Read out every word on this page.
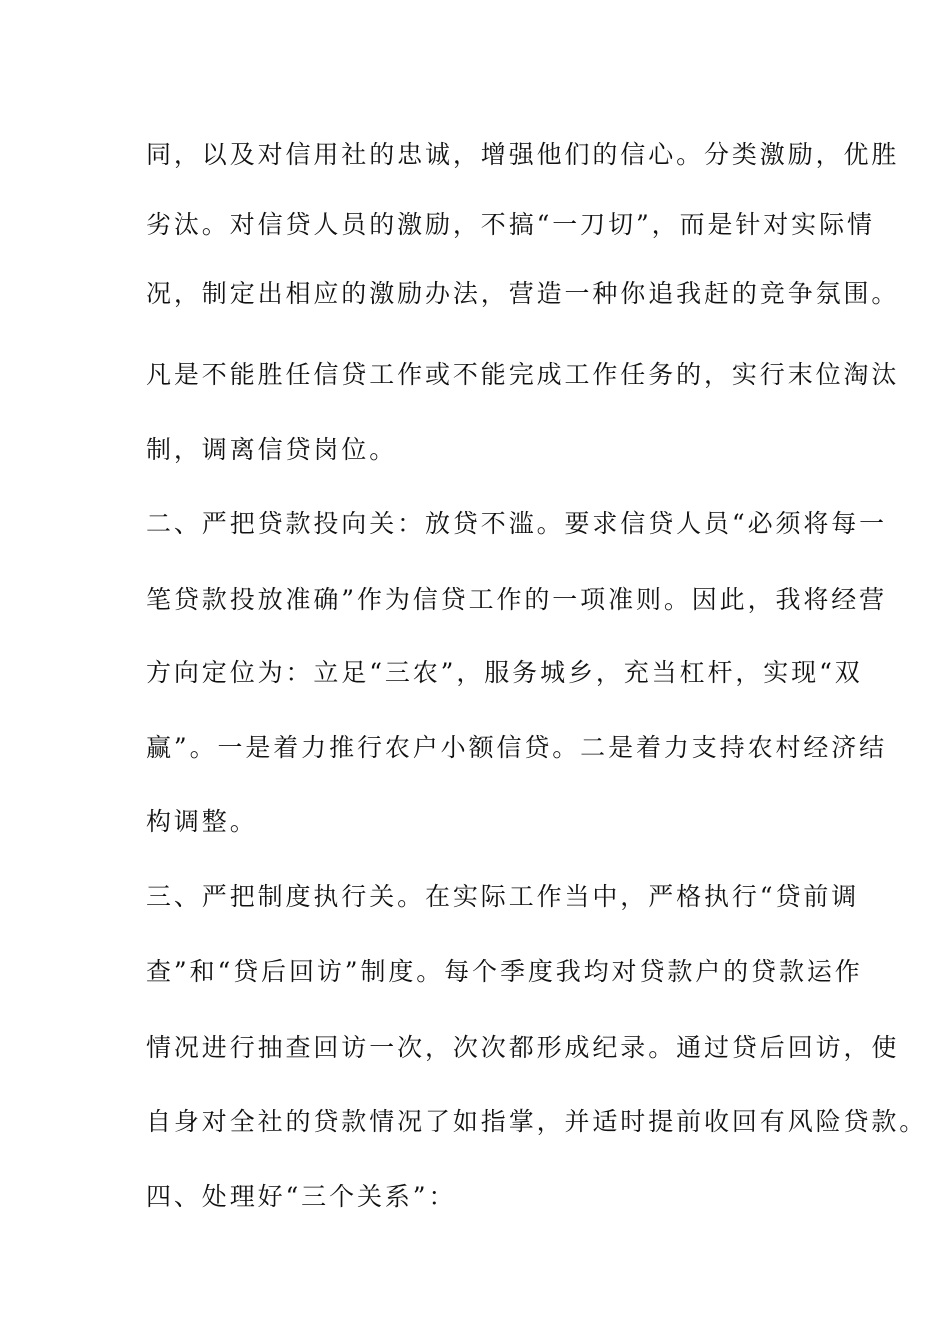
同，以及对信用社的忠诚，增强他们的信心。分类激励，优胜
劣汰。对信贷人员的激励，不搞“一刀切”，而是针对实际情
况，制定出相应的激励办法，营造一种你追我赶的竞争氛围。
凡是不能胜任信贷工作或不能完成工作任务的，实行末位淘汰
制，调离信贷岗位。
二、严把贷款投向关：放贷不滥。要求信贷人员“必须将每一
笔贷款投放准确”作为信贷工作的一项准则。因此，我将经营
方向定位为：立足“三农”，服务城乡，充当杠杆，实现“双
赢”。一是着力推行农户小额信贷。二是着力支持农村经济结
构调整。
三、严把制度执行关。在实际工作当中，严格执行“贷前调
查”和“贷后回访”制度。每个季度我均对贷款户的贷款运作
情况进行抽查回访一次，次次都形成纪录。通过贷后回访，使
自身对全社的贷款情况了如指掌，并适时提前收回有风险贷款。
四、处理好“三个关系”：
